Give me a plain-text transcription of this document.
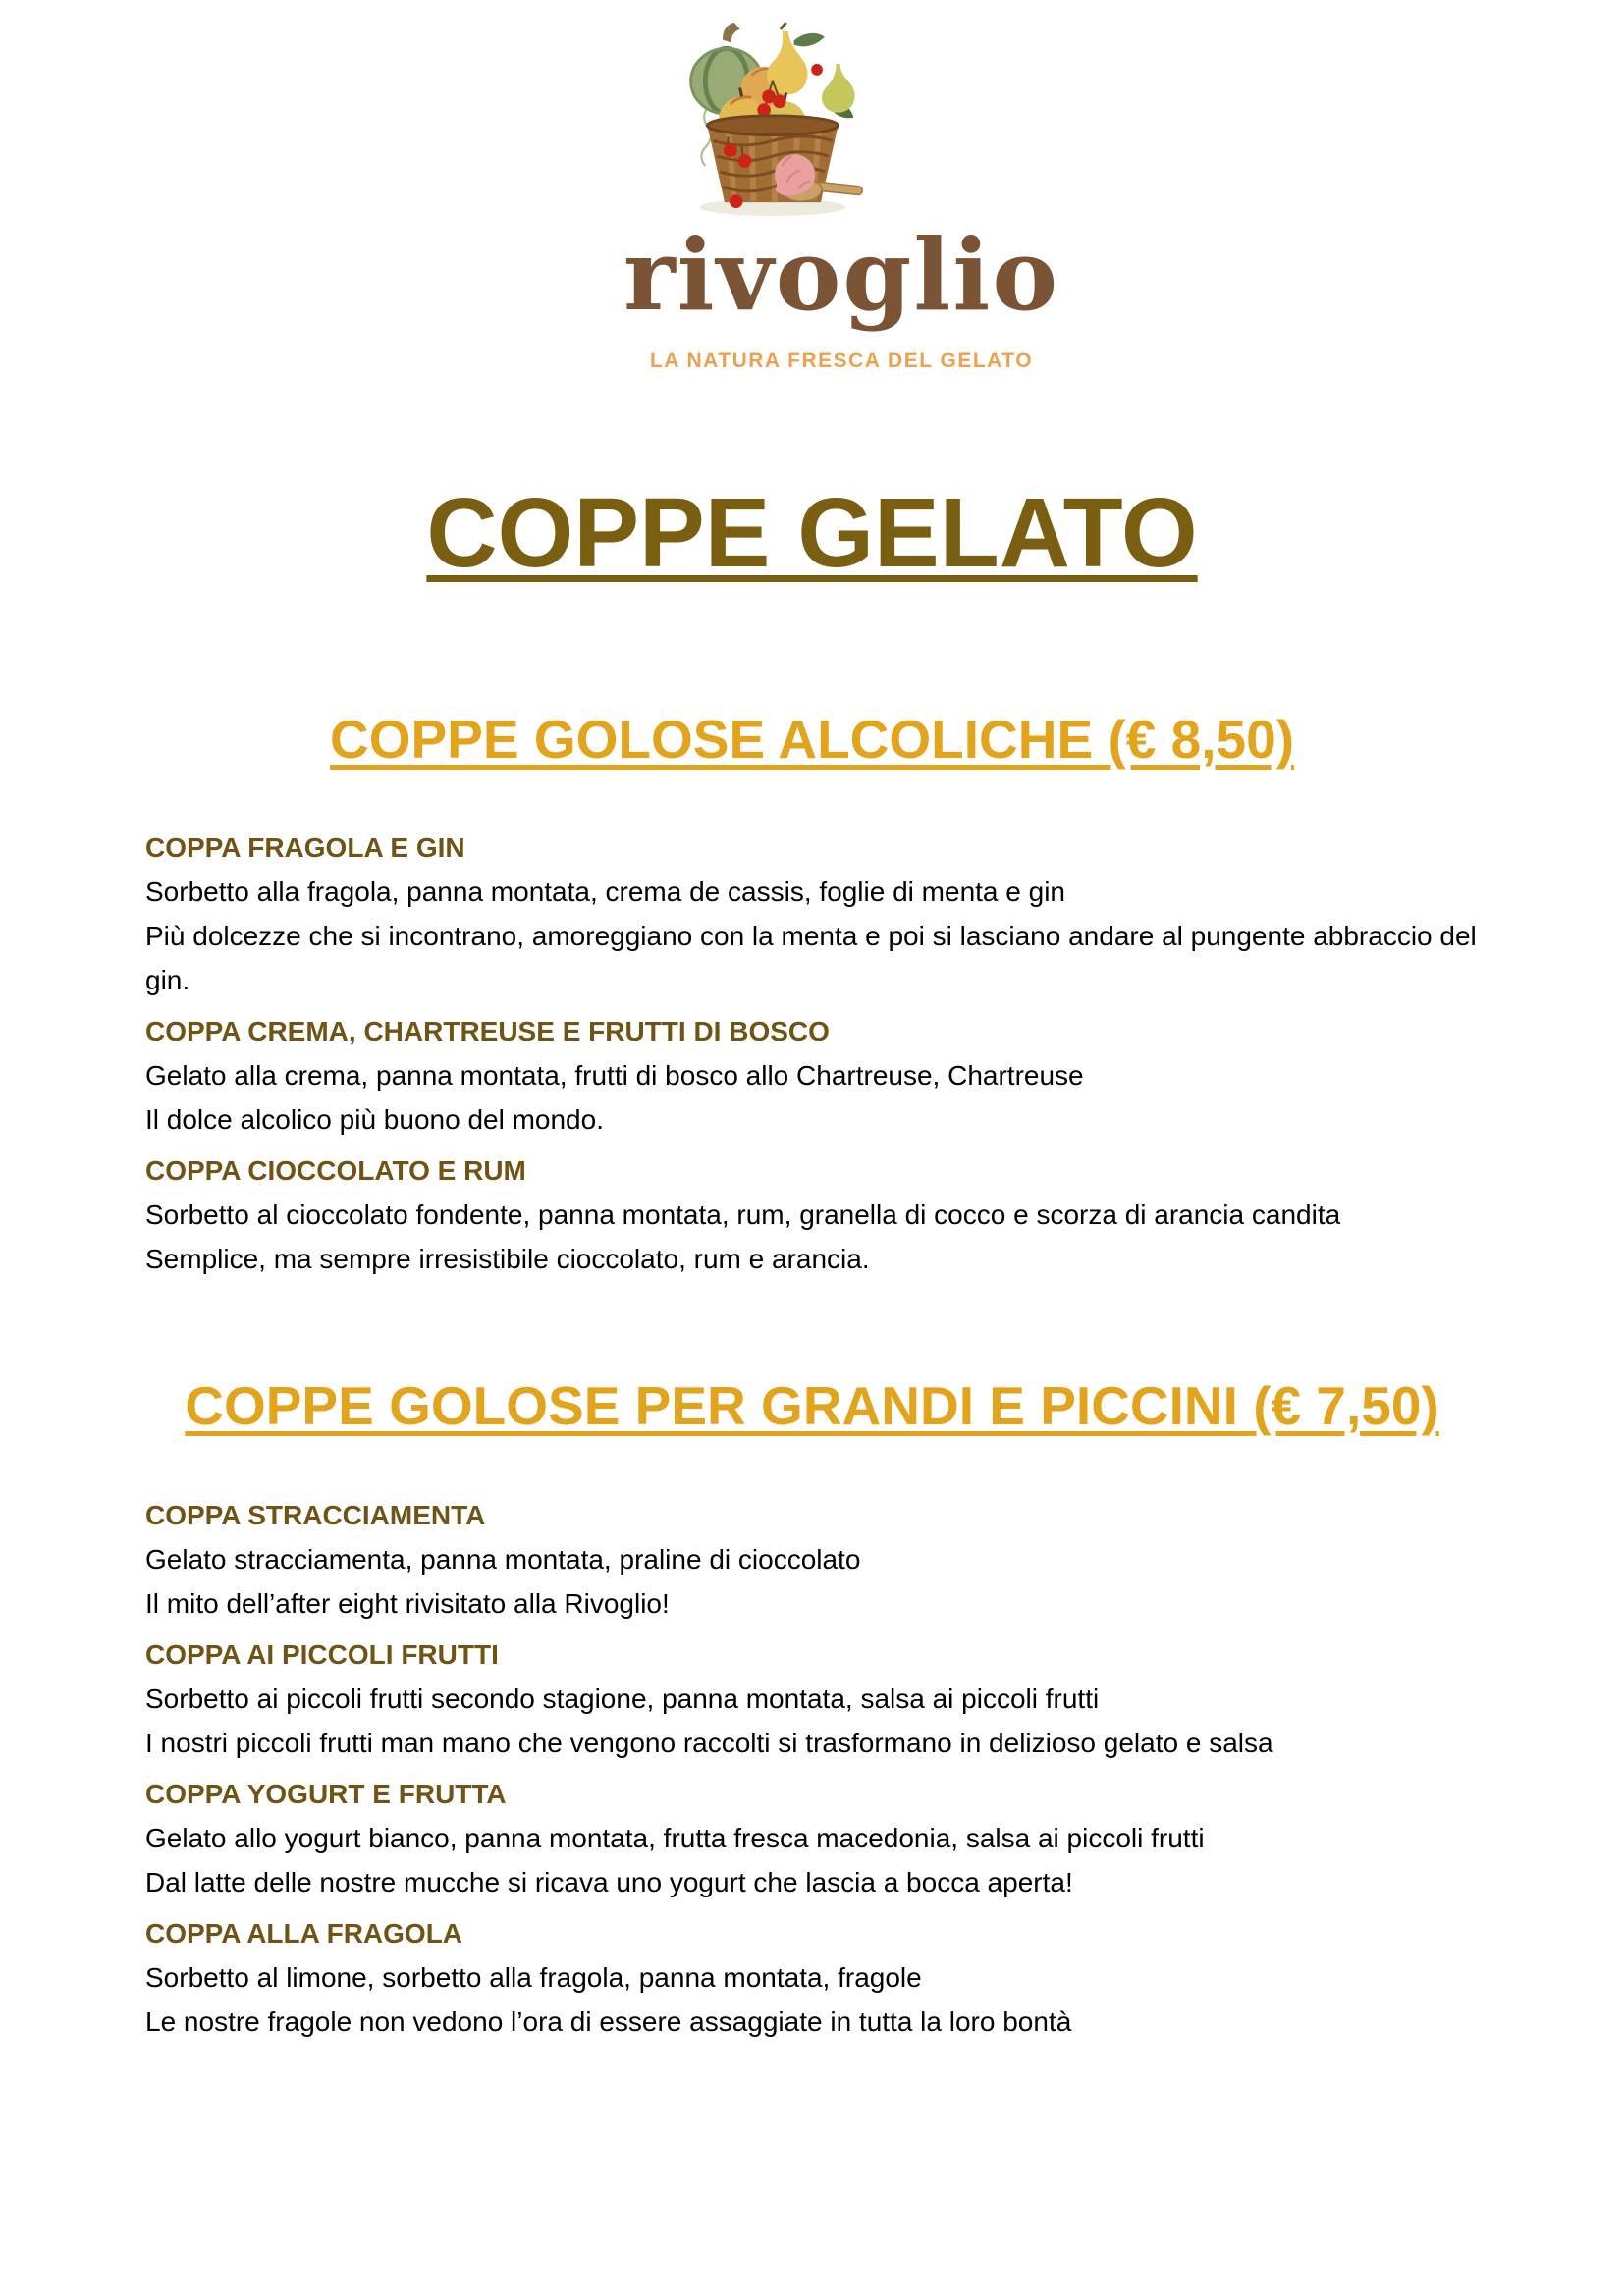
rivoglio
LA NATURA FRESCA DEL GELATO
COPPE GELATO
COPPE GOLOSE ALCOLICHE (€ 8,50)
COPPA FRAGOLA E GIN
Sorbetto alla fragola, panna montata, crema de cassis, foglie di menta e gin
Più dolcezze che si incontrano, amoreggiano con la menta e poi si lasciano andare al pungente abbraccio del gin.
COPPA CREMA, CHARTREUSE E FRUTTI DI BOSCO
Gelato alla crema, panna montata, frutti di bosco allo Chartreuse, Chartreuse
Il dolce alcolico più buono del mondo.
COPPA CIOCCOLATO E RUM
Sorbetto al cioccolato fondente, panna montata, rum, granella di cocco e scorza di arancia candita
Semplice, ma sempre irresistibile cioccolato, rum e arancia.
COPPE GOLOSE PER GRANDI E PICCINI (€ 7,50)
COPPA STRACCIAMENTA
Gelato stracciamenta, panna montata, praline di cioccolato
Il mito dell’after eight rivisitato alla Rivoglio!
COPPA AI PICCOLI FRUTTI
Sorbetto ai piccoli frutti secondo stagione, panna montata, salsa ai piccoli frutti
I nostri piccoli frutti man mano che vengono raccolti si trasformano in delizioso gelato e salsa
COPPA YOGURT E FRUTTA
Gelato allo yogurt bianco, panna montata, frutta fresca macedonia, salsa ai piccoli frutti
Dal latte delle nostre mucche si ricava uno yogurt che lascia a bocca aperta!
COPPA ALLA FRAGOLA
Sorbetto al limone, sorbetto alla fragola, panna montata, fragole
Le nostre fragole non vedono l’ora di essere assaggiate in tutta la loro bontà
